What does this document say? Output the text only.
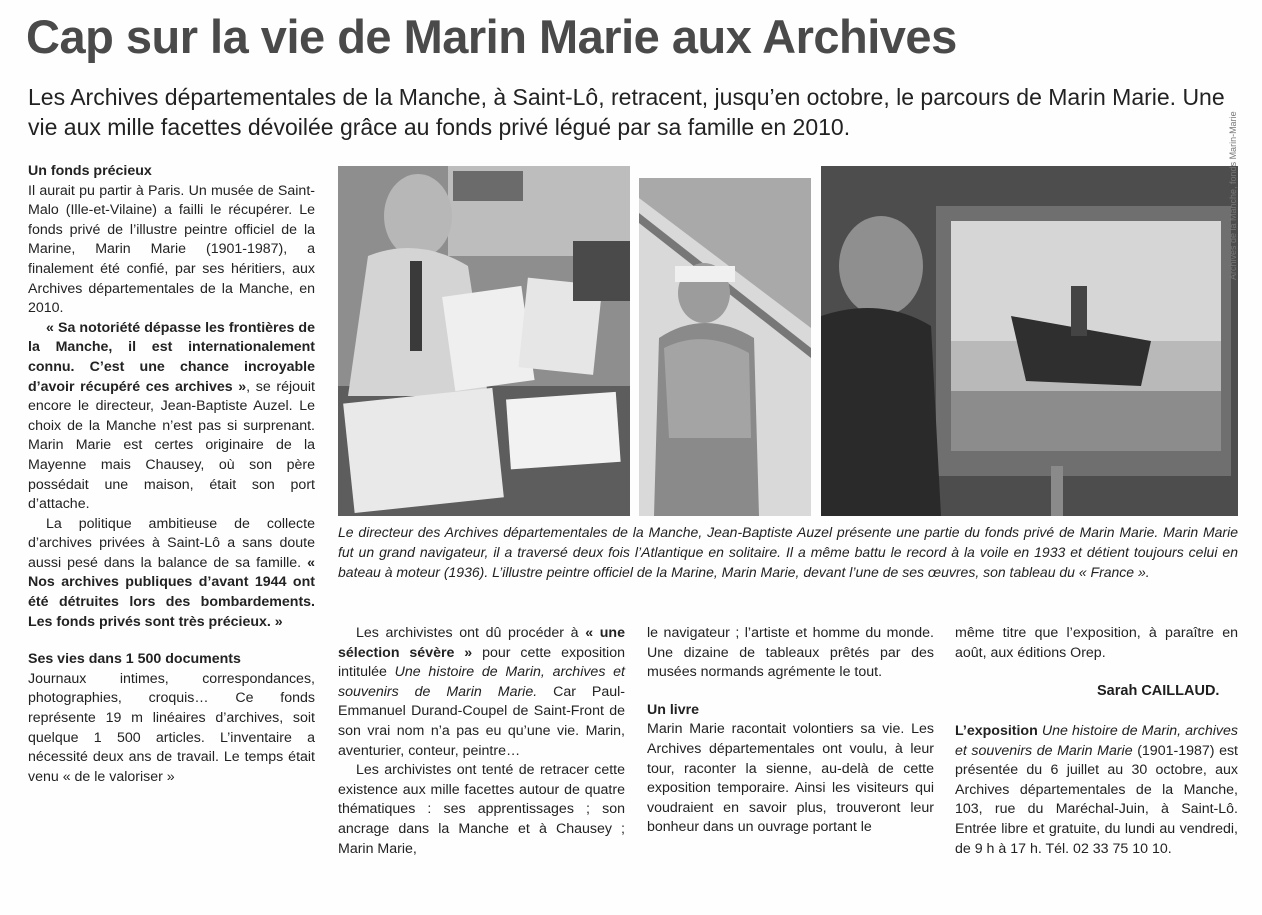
Cap sur la vie de Marin Marie aux Archives

Les Archives départementales de la Manche, à Saint-Lô, retracent, jusqu’en octobre, le parcours de Marin Marie. Une vie aux mille facettes dévoilée grâce au fonds privé légué par sa famille en 2010.

Un fonds précieux

Il aurait pu partir à Paris. Un musée de Saint-Malo (Ille-et-Vilaine) a failli le récupérer. Le fonds privé de l’illustre peintre officiel de la Marine, Marin Marie (1901-1987), a finalement été confié, par ses héritiers, aux Archives départementales de la Manche, en 2010.

« Sa notoriété dépasse les frontières de la Manche, il est internationalement connu. C’est une chance incroyable d’avoir récupéré ces archives », se réjouit encore le directeur, Jean-Baptiste Auzel. Le choix de la Manche n’est pas si surprenant. Marin Marie est certes originaire de la Mayenne mais Chausey, où son père possédait une maison, était son port d’attache.

La politique ambitieuse de collecte d’archives privées à Saint-Lô a sans doute aussi pesé dans la balance de sa famille. « Nos archives publiques d’avant 1944 ont été détruites lors des bombardements. Les fonds privés sont très précieux. »

Ses vies dans 1 500 documents

Journaux intimes, correspondances, photographies, croquis… Ce fonds représente 19 m linéaires d’archives, soit quelque 1 500 articles. L’inventaire a nécessité deux ans de travail. Le temps était venu « de le valoriser »

Archives de la Manche, fonds Marin-Marie

Le directeur des Archives départementales de la Manche, Jean-Baptiste Auzel présente une partie du fonds privé de Marin Marie. Marin Marie fut un grand navigateur, il a traversé deux fois l’Atlantique en solitaire. Il a même battu le record à la voile en 1933 et détient toujours celui en bateau à moteur (1936). L’illustre peintre officiel de la Marine, Marin Marie, devant l’une de ses œuvres, son tableau du « France ».

Les archivistes ont dû procéder à « une sélection sévère » pour cette exposition intitulée Une histoire de Marin, archives et souvenirs de Marin Marie. Car Paul-Emmanuel Durand-Coupel de Saint-Front de son vrai nom n’a pas eu qu’une vie. Marin, aventurier, conteur, peintre…

Les archivistes ont tenté de retracer cette existence aux mille facettes autour de quatre thématiques : ses apprentissages ; son ancrage dans la Manche et à Chausey ; Marin Marie,

le navigateur ; l’artiste et homme du monde. Une dizaine de tableaux prêtés par des musées normands agrémente le tout.

Un livre

Marin Marie racontait volontiers sa vie. Les Archives départementales ont voulu, à leur tour, raconter la sienne, au-delà de cette exposition temporaire. Ainsi les visiteurs qui voudraient en savoir plus, trouveront leur bonheur dans un ouvrage portant le

même titre que l’exposition, à paraître en août, aux éditions Orep.

Sarah CAILLAUD.

L’exposition Une histoire de Marin, archives et souvenirs de Marin Marie (1901-1987) est présentée du 6 juillet au 30 octobre, aux Archives départementales de la Manche, 103, rue du Maréchal-Juin, à Saint-Lô. Entrée libre et gratuite, du lundi au vendredi, de 9 h à 17 h. Tél. 02 33 75 10 10.
